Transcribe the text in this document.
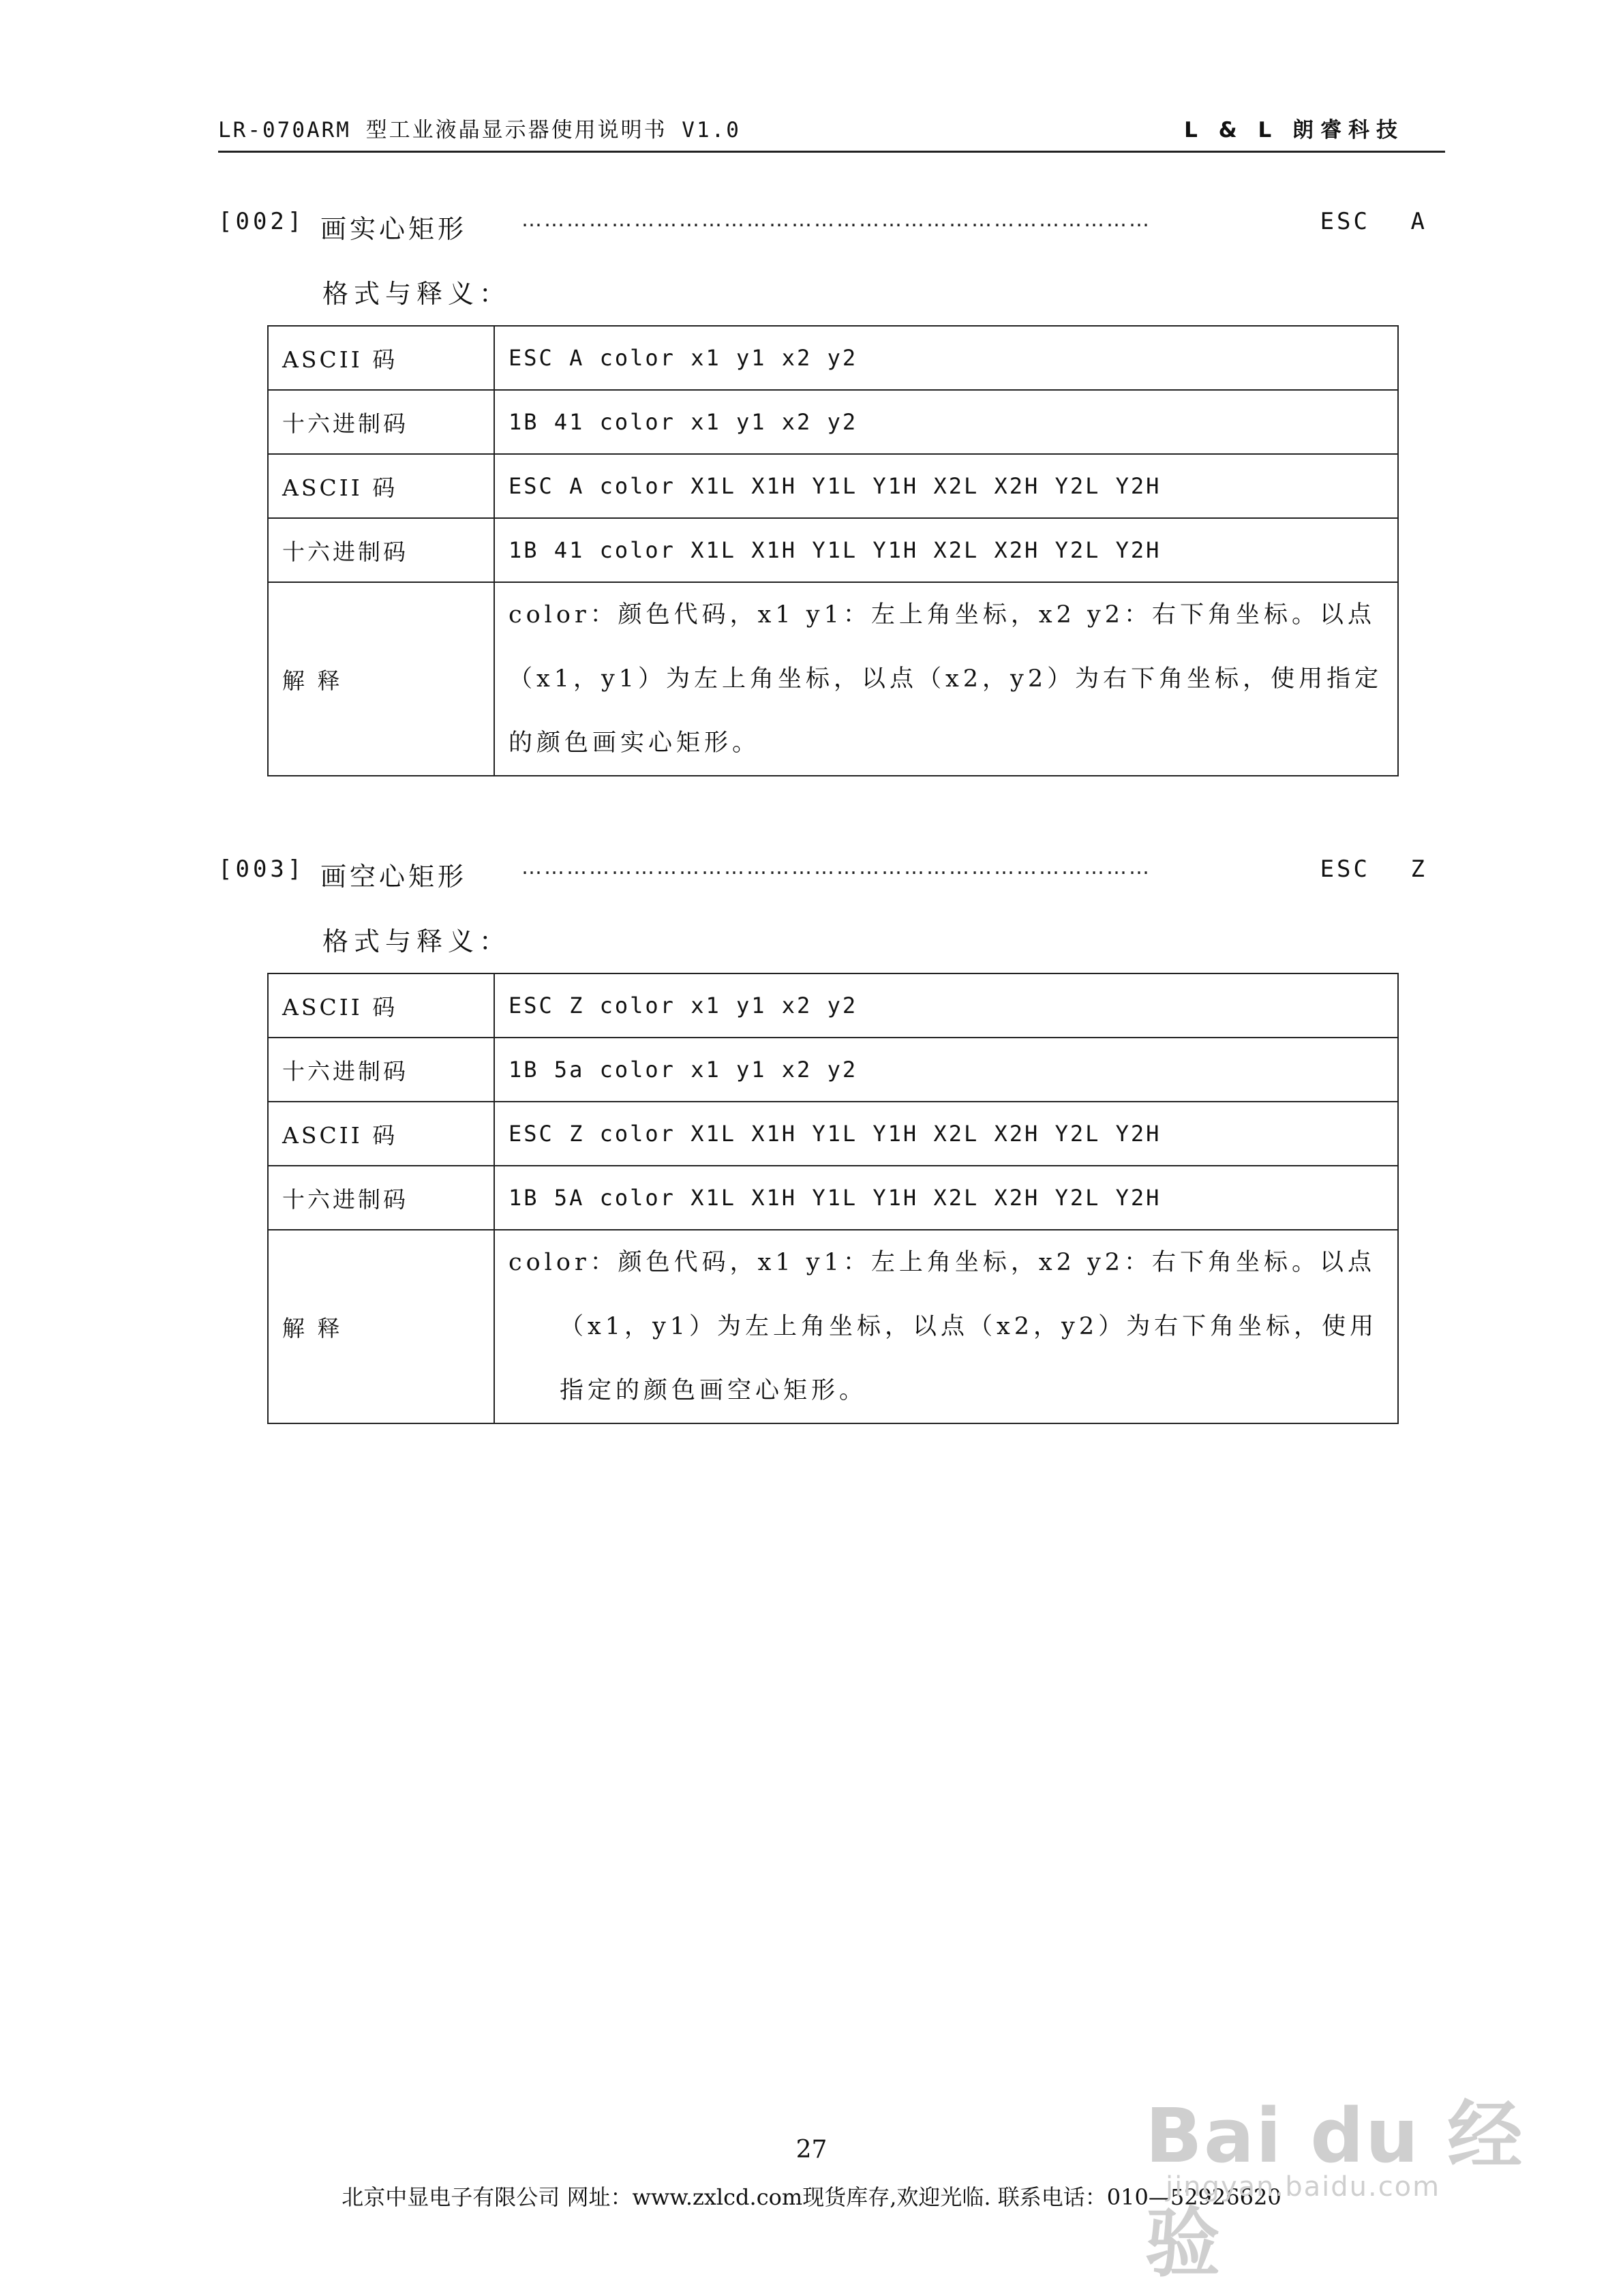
LR-070ARM 型工业液晶显示器使用说明书 V1.0	L & L 朗睿科技
[002] 画实心矩形	…………………………………………………………………………	ESC A
格式与释义：
ASCII 码	ESC A color x1 y1 x2 y2
十六进制码	1B 41 color x1 y1 x2 y2
ASCII 码	ESC A color X1L X1H Y1L Y1H X2L X2H Y2L Y2H
十六进制码	1B 41 color X1L X1H Y1L Y1H X2L X2H Y2L Y2H
解 释	color：颜色代码，x1 y1：左上角坐标，x2 y2：右下角坐标。以点（x1，y1）为左上角坐标，以点（x2，y2）为右下角坐标，使用指定的颜色画实心矩形。
[003] 画空心矩形	…………………………………………………………………………	ESC Z
格式与释义：
ASCII 码	ESC Z color x1 y1 x2 y2
十六进制码	1B 5a color x1 y1 x2 y2
ASCII 码	ESC Z color X1L X1H Y1L Y1H X2L X2H Y2L Y2H
十六进制码	1B 5A color X1L X1H Y1L Y1H X2L X2H Y2L Y2H
解 释	color：颜色代码，x1 y1：左上角坐标，x2 y2：右下角坐标。以点（x1，y1）为左上角坐标，以点（x2，y2）为右下角坐标，使用指定的颜色画空心矩形。
27
北京中显电子有限公司 网址：www.zxlcd.com现货库存,欢迎光临. 联系电话：010—52926620
Bai du 经验
jingyan.baidu.com
